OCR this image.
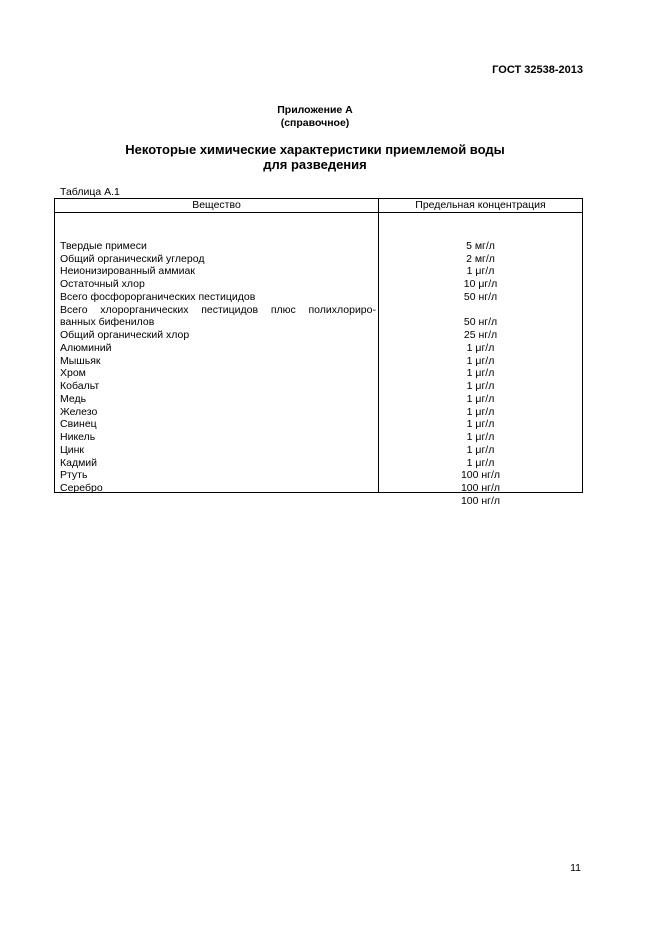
ГОСТ 32538-2013
Приложение А
(справочное)
Некоторые химические характеристики приемлемой воды
для разведения
Таблица А.1
Вещество	Предельная концентрация
Твердые примеси
Общий органический углерод
Неионизированный аммиак
Остаточный хлор
Всего фосфорорганических пестицидов
Всего хлорорганических пестицидов плюс полихлориро-
ванных бифенилов
Общий органический хлор
Алюминий
Мышьяк
Хром
Кобальт
Медь
Железо
Свинец
Никель
Цинк
Кадмий
Ртуть
Серебро
5 мг/л
2 мг/л
1 μг/л
10 μг/л
50 нг/л
50 нг/л
25 нг/л
1 μг/л
1 μг/л
1 μг/л
1 μг/л
1 μг/л
1 μг/л
1 μг/л
1 μг/л
1 μг/л
1 μг/л
100 нг/л
100 нг/л
100 нг/л
11
